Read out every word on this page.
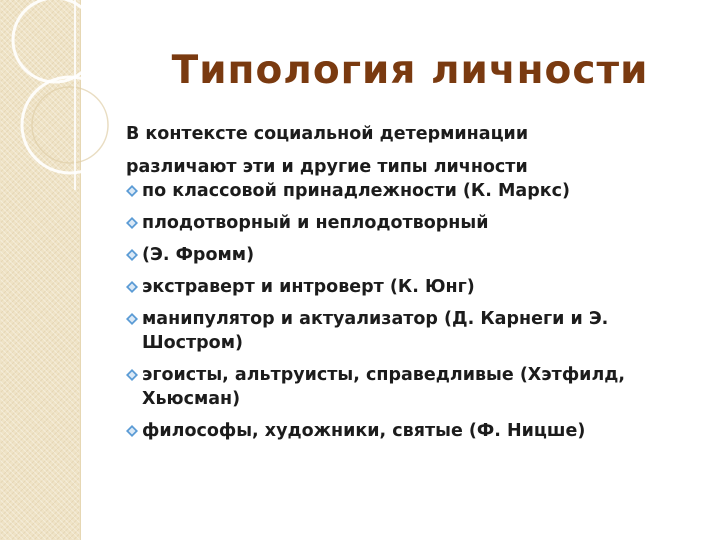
Типология личности
В контексте социальной детерминации
различают эти и другие типы личности
по классовой принадлежности (К. Маркс)
плодотворный и неплодотворный
(Э. Фромм)
экстраверт и интроверт (К. Юнг)
манипулятор и актуализатор (Д. Карнеги и Э. Шостром)
эгоисты, альтруисты, справедливые (Хэтфилд, Хьюсман)
философы, художники, святые (Ф. Ницше)
